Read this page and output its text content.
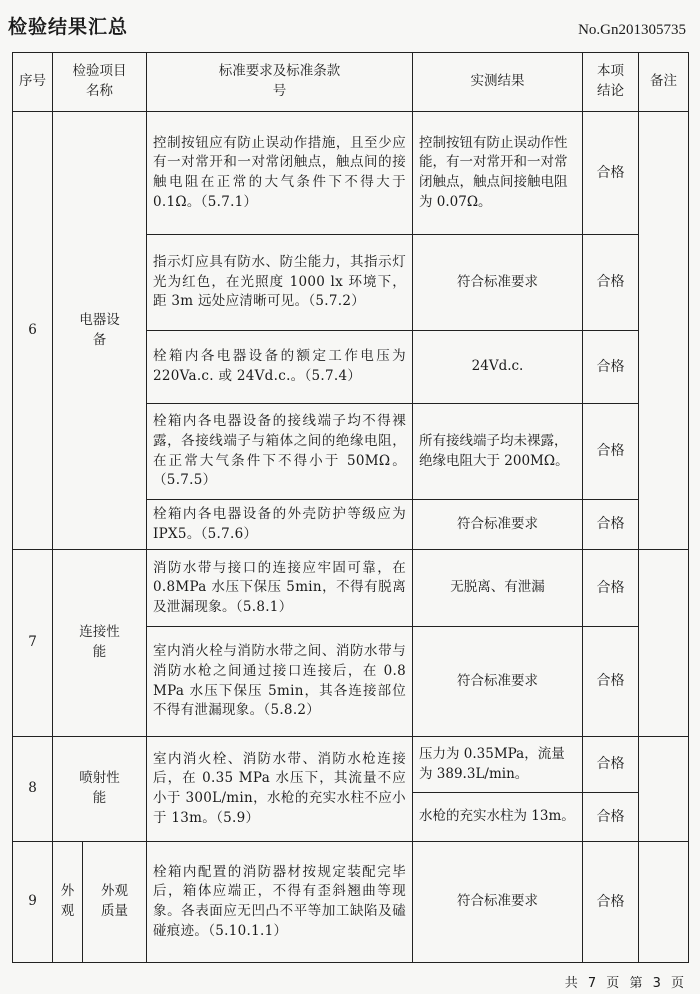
检验结果汇总	No.Gn201305735
序号	检验项目名称		标准要求及标准条款号	实测结果	本项结论	备注
6	电器设备		控制按钮应有防止误动作措施，且至少应有一对常开和一对常闭触点，触点间的接触电阻在正常的大气条件下不得大于 0.1Ω。（5.7.1）	控制按钮有防止误动作性能，有一对常开和一对常闭触点，触点间接触电阻为 0.07Ω。	合格	
			指示灯应具有防水、防尘能力，其指示灯光为红色，在光照度 1000 lx 环境下，距 3m 远处应清晰可见。（5.7.2）	符合标准要求	合格	
			栓箱内各电器设备的额定工作电压为 220Va.c. 或 24Vd.c.。（5.7.4）	24Vd.c.	合格	
			栓箱内各电器设备的接线端子均不得裸露，各接线端子与箱体之间的绝缘电阻，在正常大气条件下不得小于 50MΩ。（5.7.5）	所有接线端子均未裸露，绝缘电阻大于 200MΩ。	合格	
			栓箱内各电器设备的外壳防护等级应为 IPX5。（5.7.6）	符合标准要求	合格	
7	连接性能		消防水带与接口的连接应牢固可靠，在 0.8MPa 水压下保压 5min，不得有脱离及泄漏现象。（5.8.1）	无脱离、有泄漏	合格	
			室内消火栓与消防水带之间、消防水带与消防水枪之间通过接口连接后，在 0.8 MPa 水压下保压 5min，其各连接部位不得有泄漏现象。（5.8.2）	符合标准要求	合格	
8	喷射性能		室内消火栓、消防水带、消防水枪连接后，在 0.35 MPa 水压下，其流量不应小于 300L/min，水枪的充实水柱不应小于 13m。（5.9）	压力为 0.35MPa，流量为 389.3L/min。	合格	
				水枪的充实水柱为 13m。	合格	
9	外观	外观质量	栓箱内配置的消防器材按规定装配完毕后，箱体应端正，不得有歪斜翘曲等现象。各表面应无凹凸不平等加工缺陷及磕碰痕迹。（5.10.1.1）	符合标准要求	合格	
共 7 页 第 3 页
